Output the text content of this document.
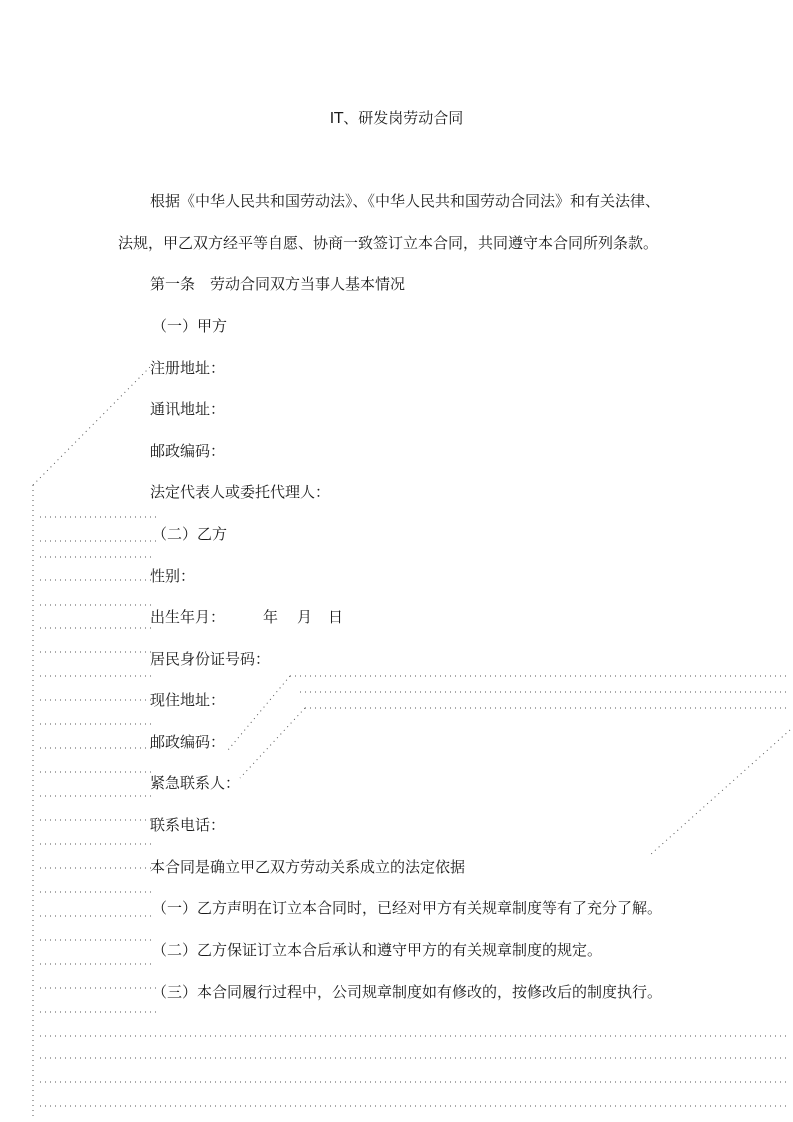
IT、研发岗劳动合同
根据《中华人民共和国劳动法》、《中华人民共和国劳动合同法》和有关法律、
法规，甲乙双方经平等自愿、协商一致签订立本合同，共同遵守本合同所列条款。
第一条　劳动合同双方当事人基本情况
（一）甲方
注册地址：
通讯地址：
邮政编码：
法定代表人或委托代理人：
（二）乙方
性别：
出生年月：	年 月 日
居民身份证号码：
现住地址：
邮政编码：
紧急联系人：
联系电话：
本合同是确立甲乙双方劳动关系成立的法定依据
（一）乙方声明在订立本合同时，已经对甲方有关规章制度等有了充分了解。
（二）乙方保证订立本合后承认和遵守甲方的有关规章制度的规定。
（三）本合同履行过程中，公司规章制度如有修改的，按修改后的制度执行。
